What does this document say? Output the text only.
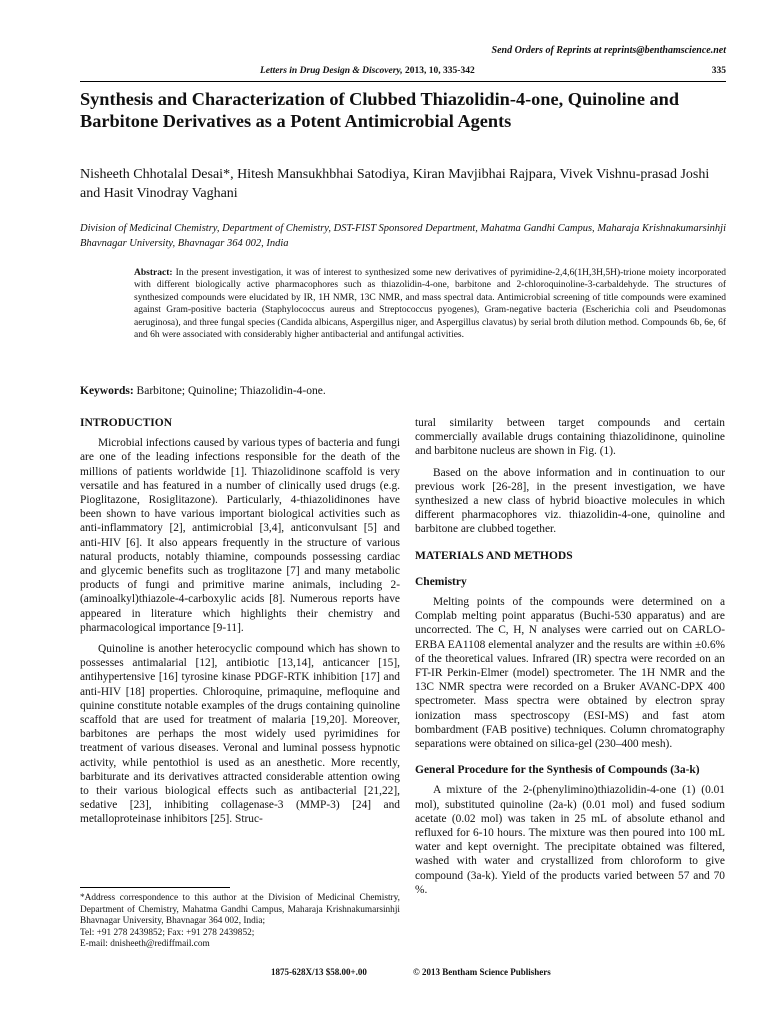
Send Orders of Reprints at reprints@benthamscience.net
Letters in Drug Design & Discovery, 2013, 10, 335-342	335
Synthesis and Characterization of Clubbed Thiazolidin-4-one, Quinoline and Barbitone Derivatives as a Potent Antimicrobial Agents
Nisheeth Chhotalal Desai*, Hitesh Mansukhbhai Satodiya, Kiran Mavjibhai Rajpara, Vivek Vishnu-prasad Joshi and Hasit Vinodray Vaghani
Division of Medicinal Chemistry, Department of Chemistry, DST-FIST Sponsored Department, Mahatma Gandhi Campus, Maharaja Krishnakumarsinhji Bhavnagar University, Bhavnagar 364 002, India
Abstract: In the present investigation, it was of interest to synthesized some new derivatives of pyrimidine-2,4,6(1H,3H,5H)-trione moiety incorporated with different biologically active pharmacophores such as thiazolidin-4-one, barbitone and 2-chloroquinoline-3-carbaldehyde. The structures of synthesized compounds were elucidated by IR, 1H NMR, 13C NMR, and mass spectral data. Antimicrobial screening of title compounds were examined against Gram-positive bacteria (Staphylococcus aureus and Streptococcus pyogenes), Gram-negative bacteria (Escherichia coli and Pseudomonas aeruginosa), and three fungal species (Candida albicans, Aspergillus niger, and Aspergillus clavatus) by serial broth dilution method. Compounds 6b, 6e, 6f and 6h were associated with considerably higher antibacterial and antifungal activities.
Keywords: Barbitone; Quinoline; Thiazolidin-4-one.
INTRODUCTION

Microbial infections caused by various types of bacteria and fungi are one of the leading infections responsible for the death of the millions of patients worldwide [1]. Thiazolidinone scaffold is very versatile and has featured in a number of clinically used drugs (e.g. Pioglitazone, Rosiglitazone). Particularly, 4-thiazolidinones have been shown to have various important biological activities such as anti-inflammatory [2], antimicrobial [3,4], anticonvulsant [5] and anti-HIV [6]. It also appears frequently in the structure of various natural products, notably thiamine, compounds possessing cardiac and glycemic benefits such as troglitazone [7] and many metabolic products of fungi and primitive marine animals, including 2-(aminoalkyl)thiazole-4-carboxylic acids [8]. Numerous reports have appeared in literature which highlights their chemistry and pharmacological importance [9-11].

Quinoline is another heterocyclic compound which has shown to possesses antimalarial [12], antibiotic [13,14], anticancer [15], antihypertensive [16] tyrosine kinase PDGF-RTK inhibition [17] and anti-HIV [18] properties. Chloroquine, primaquine, mefloquine and quinine constitute notable examples of the drugs containing quinoline scaffold that are used for treatment of malaria [19,20]. Moreover, barbitones are perhaps the most widely used pyrimidines for treatment of various diseases. Veronal and luminal possess hypnotic activity, while pentothiol is used as an anesthetic. More recently, barbiturate and its derivatives attracted considerable attention owing to their various biological effects such as antibacterial [21,22], sedative [23], inhibiting collagenase-3 (MMP-3) [24] and metalloproteinase inhibitors [25]. Struc-

tural similarity between target compounds and certain commercially available drugs containing thiazolidinone, quinoline and barbitone nucleus are shown in Fig. (1).

Based on the above information and in continuation to our previous work [26-28], in the present investigation, we have synthesized a new class of hybrid bioactive molecules in which different pharmacophores viz. thiazolidin-4-one, quinoline and barbitone are clubbed together.

MATERIALS AND METHODS
Chemistry

Melting points of the compounds were determined on a Complab melting point apparatus (Buchi-530 apparatus) and are uncorrected. The C, H, N analyses were carried out on CARLO-ERBA EA1108 elemental analyzer and the results are within ±0.6% of the theoretical values. Infrared (IR) spectra were recorded on an FT-IR Perkin-Elmer (model) spectrometer. The 1H NMR and the 13C NMR spectra were recorded on a Bruker AVANC-DPX 400 spectrometer. Mass spectra were obtained by electron spray ionization mass spectroscopy (ESI-MS) and fast atom bombardment (FAB positive) techniques. Column chromatography separations were obtained on silica-gel (230–400 mesh).

General Procedure for the Synthesis of Compounds (3a-k)

A mixture of the 2-(phenylimino)thiazolidin-4-one (1) (0.01 mol), substituted quinoline (2a-k) (0.01 mol) and fused sodium acetate (0.02 mol) was taken in 25 mL of absolute ethanol and refluxed for 6-10 hours. The mixture was then poured into 100 mL water and kept overnight. The precipitate obtained was filtered, washed with water and crystallized from chloroform to give compound (3a-k). Yield of the products varied between 57 and 70 %.

*Address correspondence to this author at the Division of Medicinal Chemistry, Department of Chemistry, Mahatma Gandhi Campus, Maharaja Krishnakumarsinhji Bhavnagar University, Bhavnagar 364 002, India;
Tel: +91 278 2439852; Fax: +91 278 2439852;
E-mail: dnisheeth@rediffmail.com
1875-628X/13 $58.00+.00	© 2013 Bentham Science Publishers
